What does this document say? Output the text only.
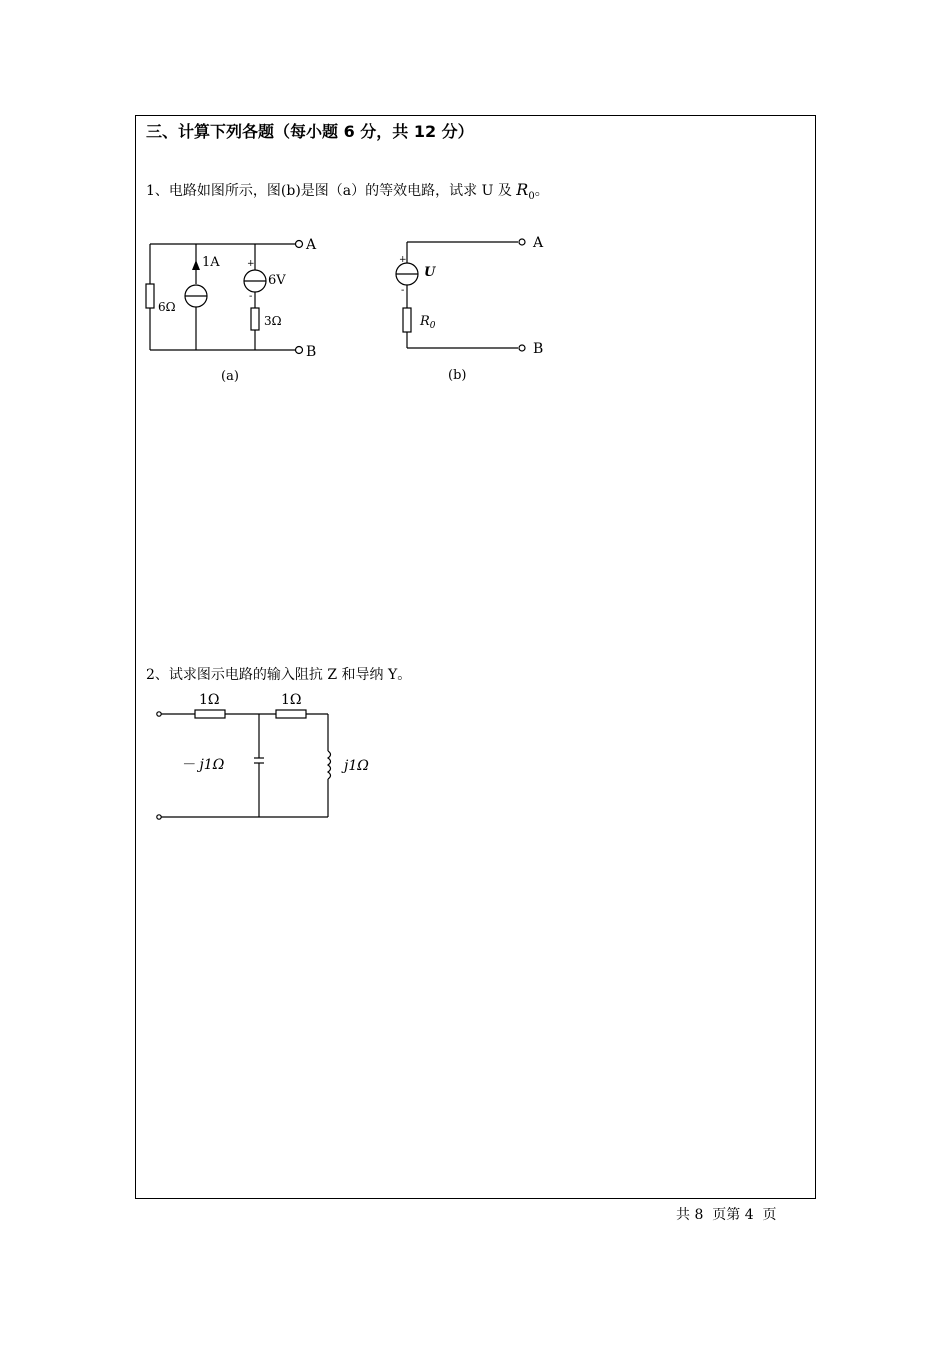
三、计算下列各题（每小题 6 分，共 12 分）
1、电路如图所示，图(b)是图（a）的等效电路，试求 U 及 $R_0$。
1A	+
6V
-
6Ω
3Ω
A
B
(a)
+
U
-
$R_0$
A
B
(b)
2、试求图示电路的输入阻抗 Z 和导纳 Y。
1Ω	1Ω
－ j1Ω	j1Ω
共 8  页第 4  页
